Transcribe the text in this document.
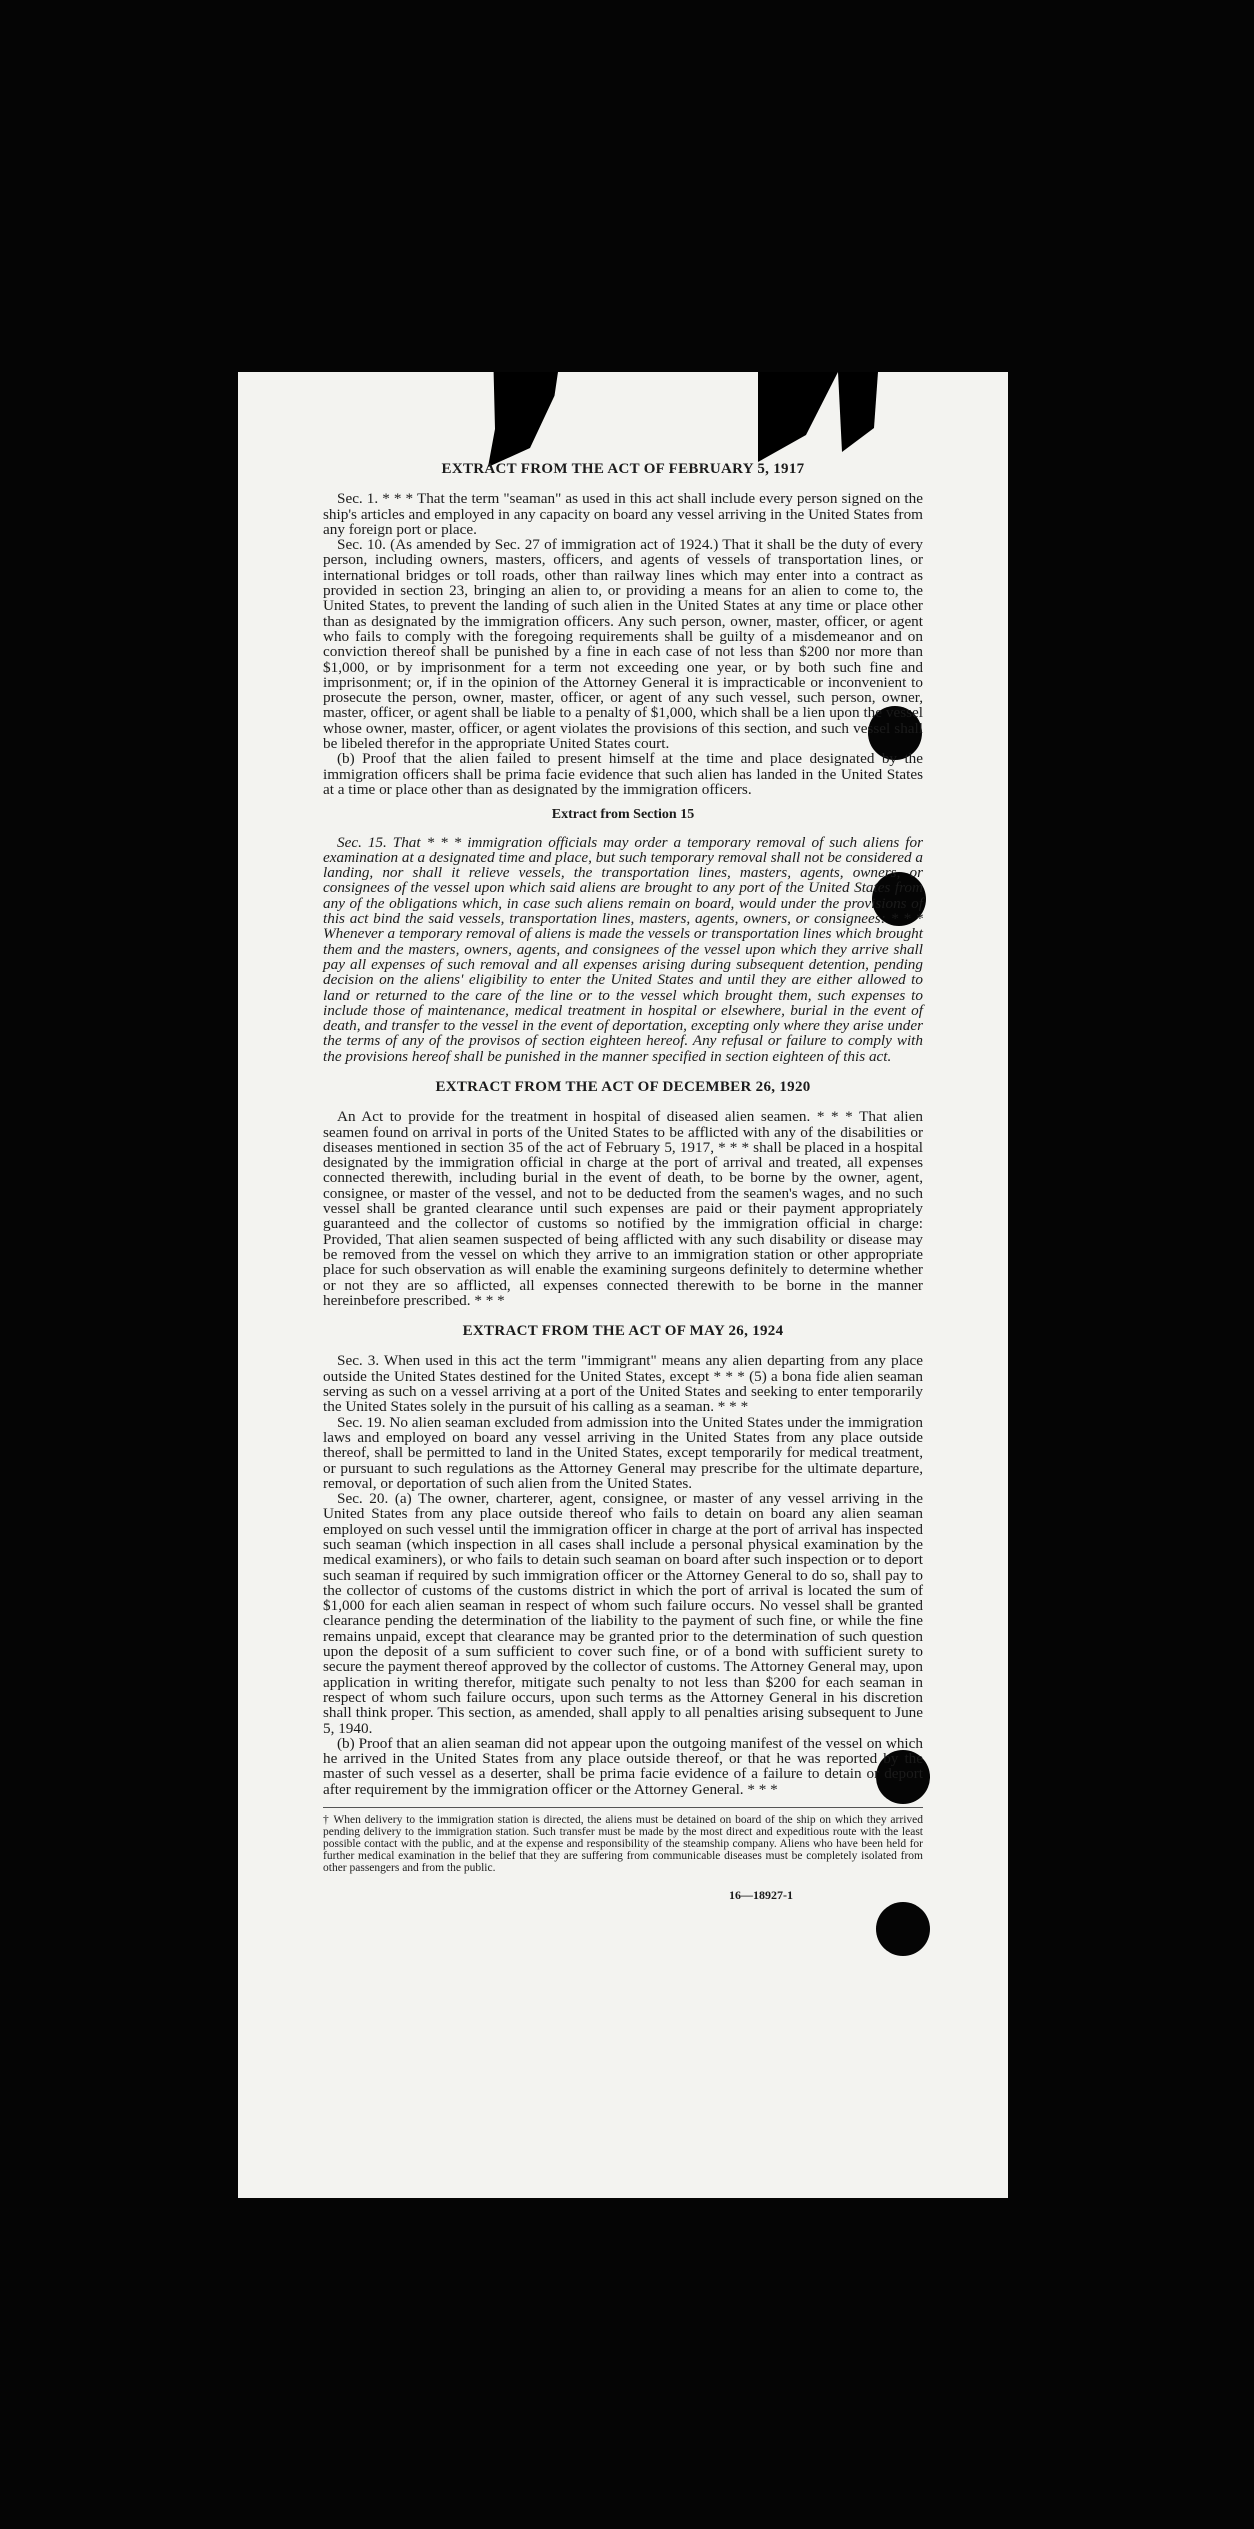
EXTRACT FROM THE ACT OF FEBRUARY 5, 1917

Sec. 1. * * * That the term "seaman" as used in this act shall include every person signed on the ship's articles and employed in any capacity on board any vessel arriving in the United States from any foreign port or place.

Sec. 10. (As amended by Sec. 27 of immigration act of 1924.) That it shall be the duty of every person, including owners, masters, officers, and agents of vessels of transportation lines, or international bridges or toll roads, other than railway lines which may enter into a contract as provided in section 23, bringing an alien to, or providing a means for an alien to come to, the United States, to prevent the landing of such alien in the United States at any time or place other than as designated by the immigration officers. Any such person, owner, master, officer, or agent who fails to comply with the foregoing requirements shall be guilty of a misdemeanor and on conviction thereof shall be punished by a fine in each case of not less than $200 nor more than $1,000, or by imprisonment for a term not exceeding one year, or by both such fine and imprisonment; or, if in the opinion of the Attorney General it is impracticable or inconvenient to prosecute the person, owner, master, officer, or agent of any such vessel, such person, owner, master, officer, or agent shall be liable to a penalty of $1,000, which shall be a lien upon the vessel whose owner, master, officer, or agent violates the provisions of this section, and such vessel shall be libeled therefor in the appropriate United States court.

(b) Proof that the alien failed to present himself at the time and place designated by the immigration officers shall be prima facie evidence that such alien has landed in the United States at a time or place other than as designated by the immigration officers.

Extract from Section 15

Sec. 15. That * * * immigration officials may order a temporary removal of such aliens for examination at a designated time and place, but such temporary removal shall not be considered a landing, nor shall it relieve vessels, the transportation lines, masters, agents, owners, or consignees of the vessel upon which said aliens are brought to any port of the United States from any of the obligations which, in case such aliens remain on board, would under the provisions of this act bind the said vessels, transportation lines, masters, agents, owners, or consignees: * * * Whenever a temporary removal of aliens is made the vessels or transportation lines which brought them and the masters, owners, agents, and consignees of the vessel upon which they arrive shall pay all expenses of such removal and all expenses arising during subsequent detention, pending decision on the aliens' eligibility to enter the United States and until they are either allowed to land or returned to the care of the line or to the vessel which brought them, such expenses to include those of maintenance, medical treatment in hospital or elsewhere, burial in the event of death, and transfer to the vessel in the event of deportation, excepting only where they arise under the terms of any of the provisos of section eighteen hereof. Any refusal or failure to comply with the provisions hereof shall be punished in the manner specified in section eighteen of this act.

EXTRACT FROM THE ACT OF DECEMBER 26, 1920

An Act to provide for the treatment in hospital of diseased alien seamen. * * * That alien seamen found on arrival in ports of the United States to be afflicted with any of the disabilities or diseases mentioned in section 35 of the act of February 5, 1917, * * * shall be placed in a hospital designated by the immigration official in charge at the port of arrival and treated, all expenses connected therewith, including burial in the event of death, to be borne by the owner, agent, consignee, or master of the vessel, and not to be deducted from the seamen's wages, and no such vessel shall be granted clearance until such expenses are paid or their payment appropriately guaranteed and the collector of customs so notified by the immigration official in charge: Provided, That alien seamen suspected of being afflicted with any such disability or disease may be removed from the vessel on which they arrive to an immigration station or other appropriate place for such observation as will enable the examining surgeons definitely to determine whether or not they are so afflicted, all expenses connected therewith to be borne in the manner hereinbefore prescribed. * * *

EXTRACT FROM THE ACT OF MAY 26, 1924

Sec. 3. When used in this act the term "immigrant" means any alien departing from any place outside the United States destined for the United States, except * * * (5) a bona fide alien seaman serving as such on a vessel arriving at a port of the United States and seeking to enter temporarily the United States solely in the pursuit of his calling as a seaman. * * *

Sec. 19. No alien seaman excluded from admission into the United States under the immigration laws and employed on board any vessel arriving in the United States from any place outside thereof, shall be permitted to land in the United States, except temporarily for medical treatment, or pursuant to such regulations as the Attorney General may prescribe for the ultimate departure, removal, or deportation of such alien from the United States.

Sec. 20. (a) The owner, charterer, agent, consignee, or master of any vessel arriving in the United States from any place outside thereof who fails to detain on board any alien seaman employed on such vessel until the immigration officer in charge at the port of arrival has inspected such seaman (which inspection in all cases shall include a personal physical examination by the medical examiners), or who fails to detain such seaman on board after such inspection or to deport such seaman if required by such immigration officer or the Attorney General to do so, shall pay to the collector of customs of the customs district in which the port of arrival is located the sum of $1,000 for each alien seaman in respect of whom such failure occurs. No vessel shall be granted clearance pending the determination of the liability to the payment of such fine, or while the fine remains unpaid, except that clearance may be granted prior to the determination of such question upon the deposit of a sum sufficient to cover such fine, or of a bond with sufficient surety to secure the payment thereof approved by the collector of customs. The Attorney General may, upon application in writing therefor, mitigate such penalty to not less than $200 for each seaman in respect of whom such failure occurs, upon such terms as the Attorney General in his discretion shall think proper. This section, as amended, shall apply to all penalties arising subsequent to June 5, 1940.

(b) Proof that an alien seaman did not appear upon the outgoing manifest of the vessel on which he arrived in the United States from any place outside thereof, or that he was reported by the master of such vessel as a deserter, shall be prima facie evidence of a failure to detain or deport after requirement by the immigration officer or the Attorney General. * * *

† When delivery to the immigration station is directed, the aliens must be detained on board of the ship on which they arrived pending delivery to the immigration station. Such transfer must be made by the most direct and expeditious route with the least possible contact with the public, and at the expense and responsibility of the steamship company. Aliens who have been held for further medical examination in the belief that they are suffering from communicable diseases must be completely isolated from other passengers and from the public.
16—18927-1
